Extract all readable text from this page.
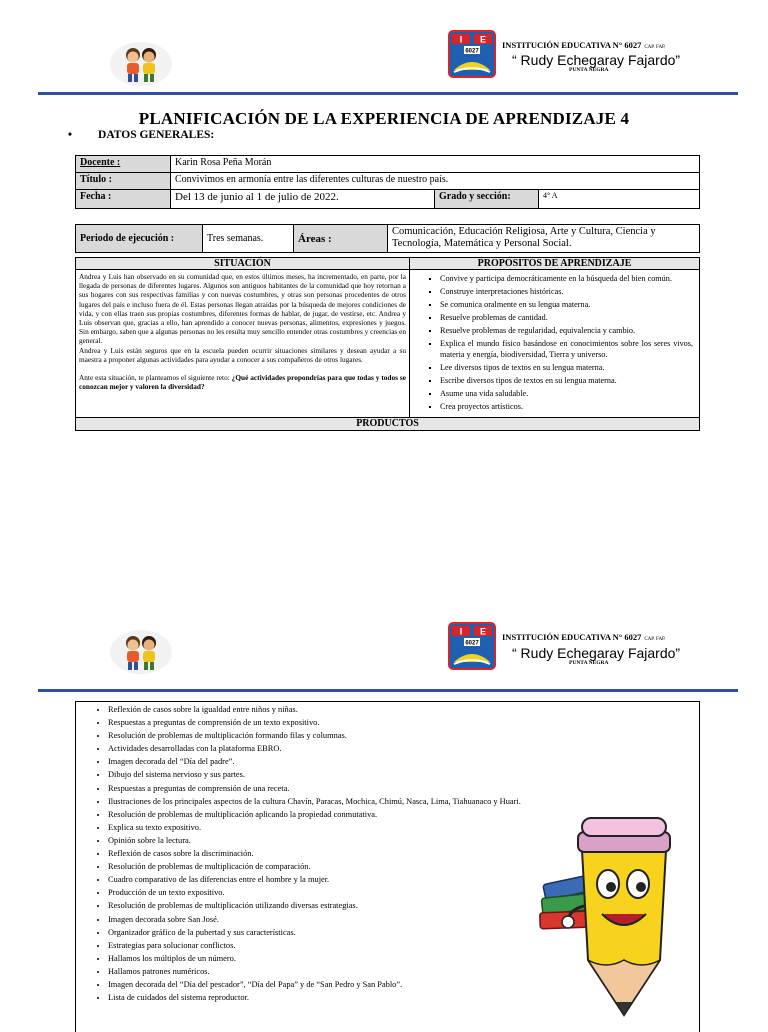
I E
6027
INSTITUCIÓN EDUCATIVA N° 6027 CAP. FAP.
“ Rudy Echegaray Fajardo”
PUNTA NEGRA
PLANIFICACIÓN DE LA EXPERIENCIA DE APRENDIZAJE 4
• DATOS GENERALES:
Docente :	Karin Rosa Peña Morán		
Título :	Convivimos en armonía entre las diferentes culturas de nuestro país.		
Fecha :	Del 13 de junio al 1 de julio de 2022.	Grado y sección:	4° A
Periodo de ejecución :	Tres semanas.	Áreas :	Comunicación, Educación Religiosa, Arte y Cultura, Ciencia y Tecnología, Matemática y Personal Social.
SITUACIÓN
Andrea y Luis han observado en su comunidad que, en estos últimos meses, ha incrementado, en parte, por la llegada de personas de diferentes lugares. Algunos son antiguos habitantes de la comunidad que hoy retornan a sus hogares con sus respectivas familias y con nuevas costumbres, y otras son personas procedentes de otros lugares del país e incluso fuera de él. Estas personas llegan atraídas por la búsqueda de mejores condiciones de vida, y con ellas traen sus propias costumbres, diferentes formas de hablar, de jugar, de vestirse, etc. Andrea y Luis observan que, gracias a ello, han aprendido a conocer nuevas personas, alimentos, expresiones y juegos. Sin embargo, saben que a algunas personas no les resulta muy sencillo entender otras costumbres y creencias en general.
Andrea y Luis están seguros que en la escuela pueden ocurrir situaciones similares y desean ayudar a su maestra a proponer algunas actividades para ayudar a conocer a sus compañeros de otros lugares.
Ante esta situación, te planteamos el siguiente reto: ¿Qué actividades propondrías para que todas y todos se conozcan mejor y valoren la diversidad?

PROPÓSITOS DE APRENDIZAJE
▪ Convive y participa democráticamente en la búsqueda del bien común.
▪ Construye interpretaciones históricas.
▪ Se comunica oralmente en su lengua materna.
▪ Resuelve problemas de cantidad.
▪ Resuelve problemas de regularidad, equivalencia y cambio.
▪ Explica el mundo físico basándose en conocimientos sobre los seres vivos, materia y energía, biodiversidad, Tierra y universo.
▪ Lee diversos tipos de textos en su lengua materna.
▪ Escribe diversos tipos de textos en su lengua materna.
▪ Asume una vida saludable.
▪ Crea proyectos artísticos.

PRODUCTOS
I E
6027
INSTITUCIÓN EDUCATIVA N° 6027 CAP. FAP.
“ Rudy Echegaray Fajardo”
PUNTA NEGRA
• Reflexión de casos sobre la igualdad entre niños y niñas.
• Respuestas a preguntas de comprensión de un texto expositivo.
• Resolución de problemas de multiplicación formando filas y columnas.
• Actividades desarrolladas con la plataforma EBRO.
• Imagen decorada del “Día del padre”.
• Dibujo del sistema nervioso y sus partes.
• Respuestas a preguntas de comprensión de una receta.
• Ilustraciones de los principales aspectos de la cultura Chavín, Paracas, Mochica, Chimú, Nasca, Lima, Tiahuanaco y Huari.
• Resolución de problemas de multiplicación aplicando la propiedad conmutativa.
• Explica su texto expositivo.
• Opinión sobre la lectura.
• Reflexión de casos sobre la discriminación.
• Resolución de problemas de multiplicación de comparación.
• Cuadro comparativo de las diferencias entre el hombre y la mujer.
• Producción de un texto expositivo.
• Resolución de problemas de multiplicación utilizando diversas estrategias.
• Imagen decorada sobre San José.
• Organizador gráfico de la pubertad y sus características.
• Estrategias para solucionar conflictos.
• Hallamos los múltiplos de un número.
• Hallamos patrones numéricos.
• Imagen decorada del “Día del pescador”, “Día del Papa” y de “San Pedro y San Pablo”.
• Lista de cuidados del sistema reproductor.
